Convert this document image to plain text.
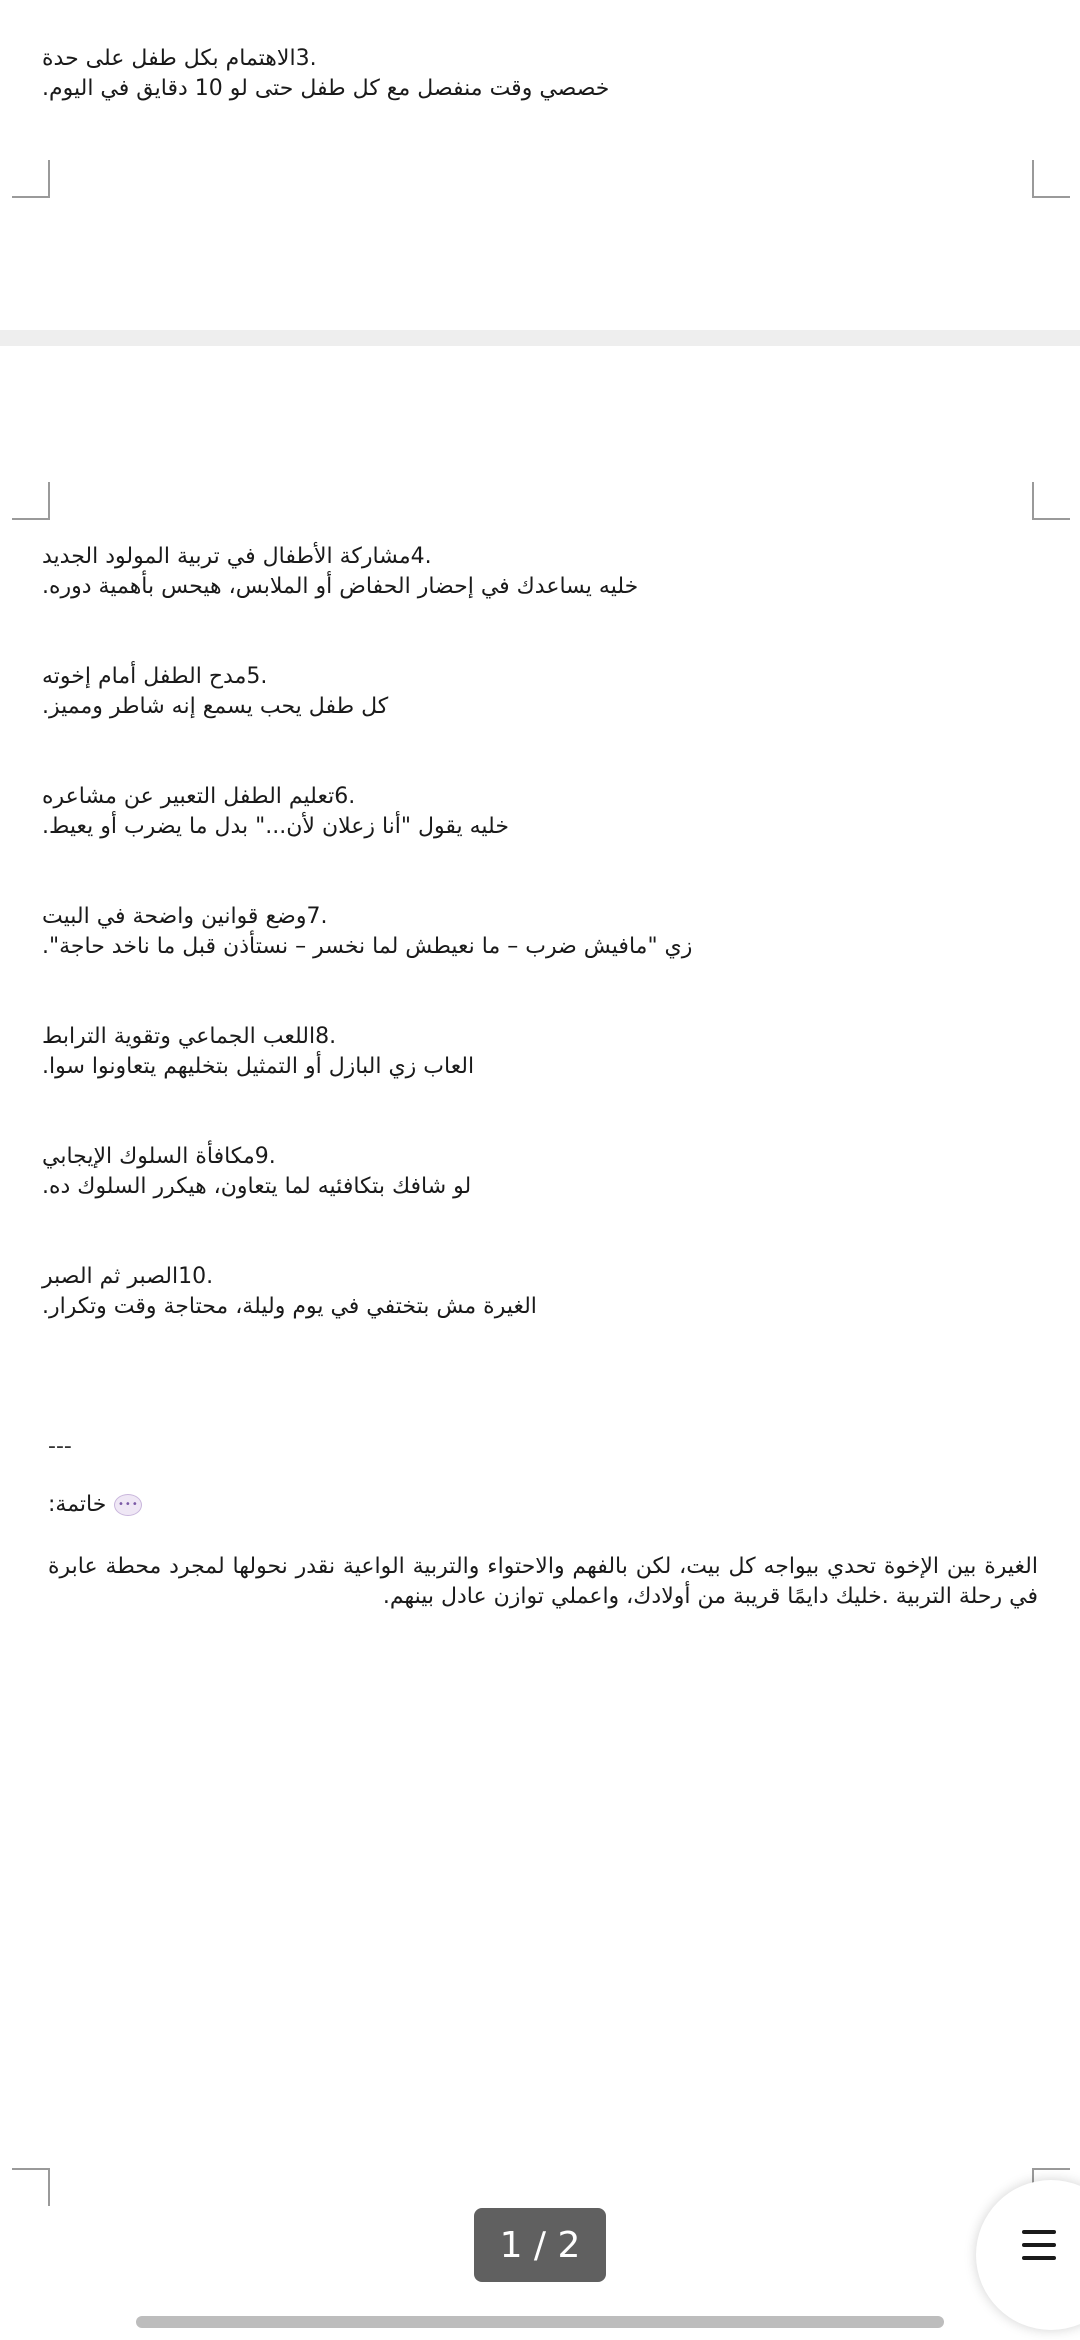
.3الاهتمام بكل طفل على حدة
خصصي وقت منفصل مع كل طفل حتى لو 10 دقايق في اليوم.
.4مشاركة الأطفال في تربية المولود الجديد
خليه يساعدك في إحضار الحفاض أو الملابس، هيحس بأهمية دوره.
.5مدح الطفل أمام إخوته
كل طفل يحب يسمع إنه شاطر ومميز.
.6تعليم الطفل التعبير عن مشاعره
خليه يقول "أنا زعلان لأن..." بدل ما يضرب أو يعيط.
.7وضع قوانين واضحة في البيت
زي "مافيش ضرب – ما نعيطش لما نخسر – نستأذن قبل ما ناخد حاجة".
.8اللعب الجماعي وتقوية الترابط
العاب زي البازل أو التمثيل بتخليهم يتعاونوا سوا.
.9مكافأة السلوك الإيجابي
لو شافك بتكافئيه لما يتعاون، هيكرر السلوك ده.
.10الصبر ثم الصبر
الغيرة مش بتختفي في يوم وليلة، محتاجة وقت وتكرار.
---
•••
خاتمة:
الغيرة بين الإخوة تحدي بيواجه كل بيت، لكن بالفهم والاحتواء والتربية الواعية نقدر نحولها لمجرد محطة عابرة في رحلة التربية .خليك دايمًا قريبة من أولادك، واعملي توازن عادل بينهم.
1 / 2
